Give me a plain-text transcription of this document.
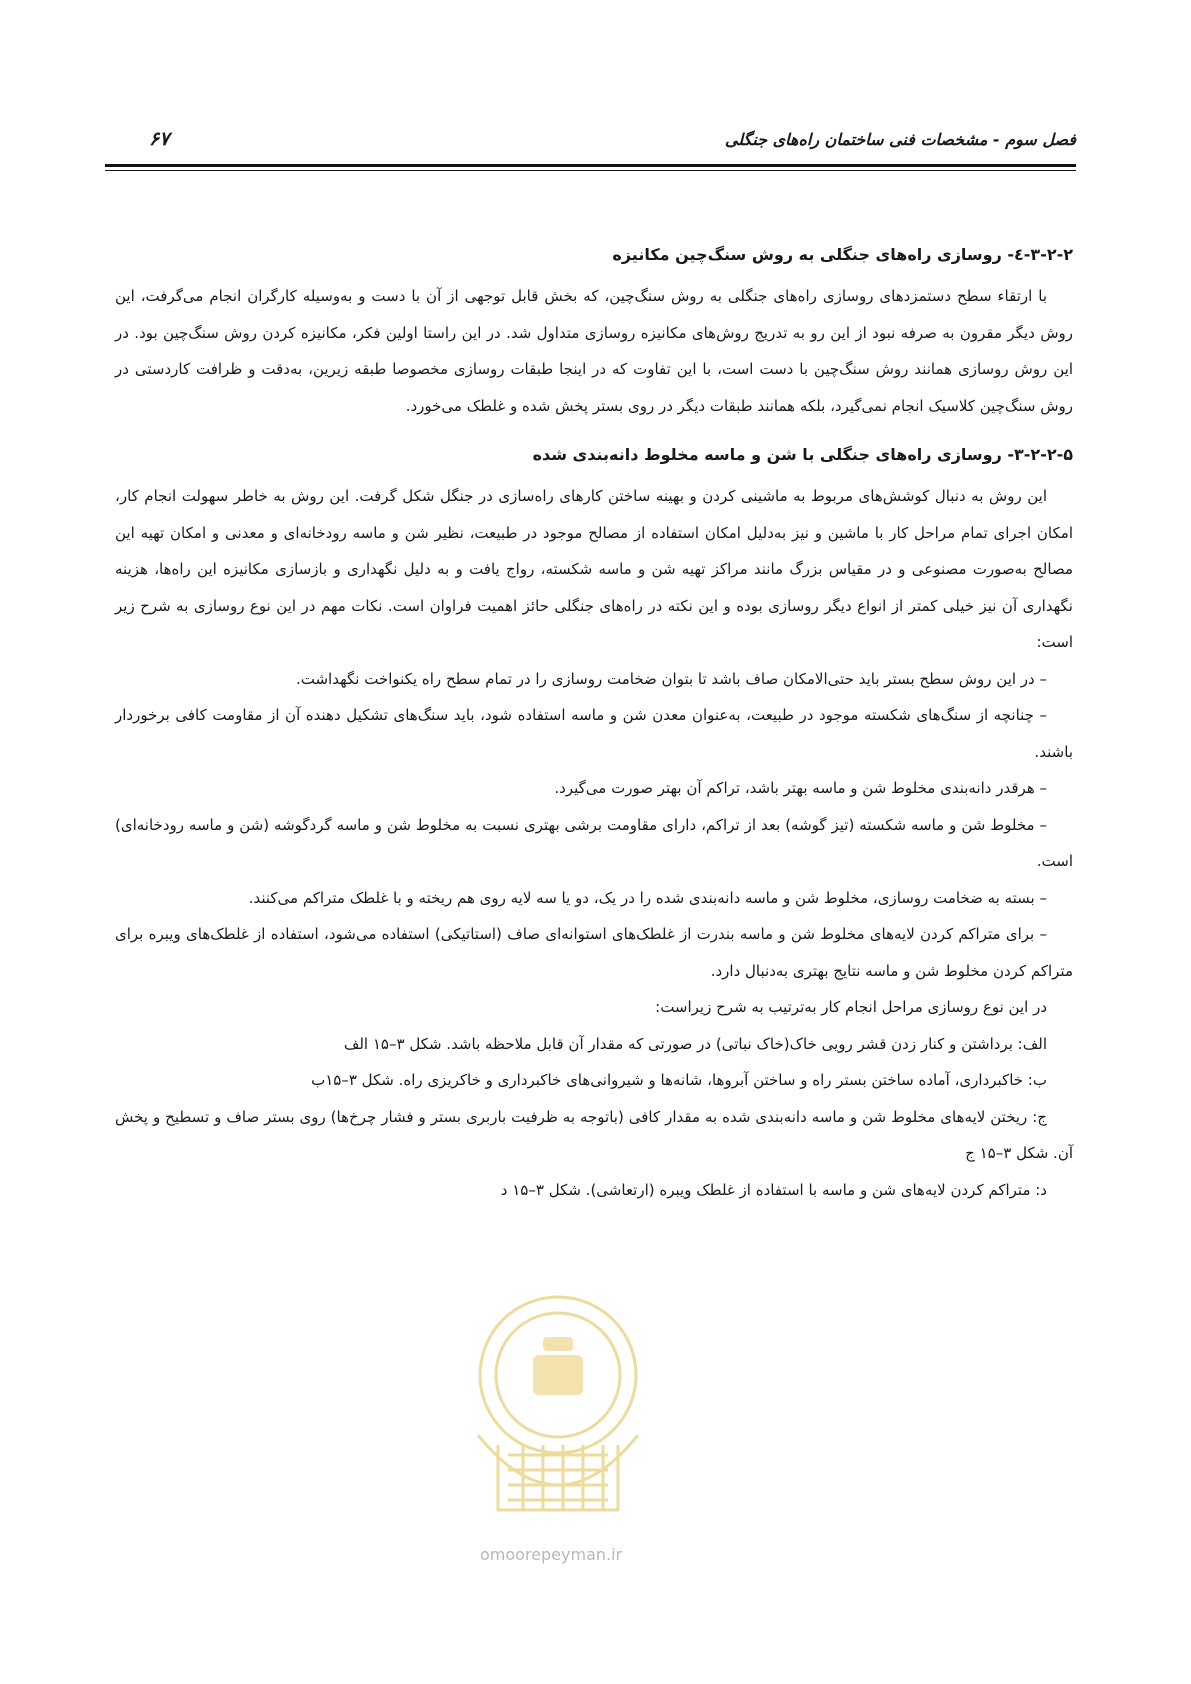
فصل سوم - مشخصات فنی ساختمان راه‌های جنگلی
۶۷
۳-۲-۲-٤- روسازی راه‌های جنگلی به روش سنگ‌چین مکانیزه

با ارتقاء سطح دستمزدهای روسازی راه‌های جنگلی به روش سنگ‌چین، که بخش قابل توجهی از آن با دست و به‌وسیله کارگران انجام می‌گرفت، این روش دیگر مقرون به صرفه نبود از این رو به تدریج روش‌های مکانیزه روسازی متداول شد. در این راستا اولین فکر، مکانیزه کردن روش سنگ‌چین بود. در این روش روسازی همانند روش سنگ‌چین با دست است، با این تفاوت که در اینجا طبقات روسازی مخصوصا طبقه زیرین، به‌دقت و ظرافت کاردستی در روش سنگ‌چین کلاسیک انجام نمی‌گیرد، بلکه همانند طبقات دیگر در روی بستر پخش شده و غلطک می‌خورد.

۳-۲-۲-۵- روسازی راه‌های جنگلی با شن و ماسه مخلوط دانه‌بندی شده

این روش به دنبال کوشش‌های مربوط به ماشینی کردن و بهینه ساختن کارهای راه‌سازی در جنگل شکل گرفت. این روش به خاطر سهولت انجام کار، امکان اجرای تمام مراحل کار با ماشین و نیز به‌دلیل امکان استفاده از مصالح موجود در طبیعت، نظیر شن و ماسه رودخانه‌ای و معدنی و امکان تهیه این مصالح به‌صورت مصنوعی و در مقیاس بزرگ مانند مراکز تهیه شن و ماسه شکسته، رواج یافت و به دلیل نگهداری و بازسازی مکانیزه این راه‌ها، هزینه نگهداری آن نیز خیلی کمتر از انواع دیگر روسازی بوده و این نکته در راه‌های جنگلی حائز اهمیت فراوان است. نکات مهم در این نوع روسازی به شرح زیر است:

– در این روش سطح بستر باید حتی‌الامکان صاف باشد تا بتوان ضخامت روسازی را در تمام سطح راه یکنواخت نگهداشت.

– چنانچه از سنگ‌های شکسته موجود در طبیعت، به‌عنوان معدن شن و ماسه استفاده شود، باید سنگ‌های تشکیل دهنده آن از مقاومت کافی برخوردار باشند.

– هرقدر دانه‌بندی مخلوط شن و ماسه بهتر باشد، تراکم آن بهتر صورت می‌گیرد.

– مخلوط شن و ماسه شکسته (تیز گوشه) بعد از تراکم، دارای مقاومت برشی بهتری نسبت به مخلوط شن و ماسه گردگوشه (شن و ماسه رودخانه‌ای) است.

– بسته به ضخامت روسازی، مخلوط شن و ماسه دانه‌بندی شده را در یک، دو یا سه لایه روی هم ریخته و با غلطک متراکم می‌کنند.

– برای متراکم کردن لایه‌های مخلوط شن و ماسه بندرت از غلطک‌های استوانه‌ای صاف (استاتیکی) استفاده می‌شود، استفاده از غلطک‌های ویبره برای متراکم کردن مخلوط شن و ماسه نتایج بهتری به‌دنبال دارد.

در این نوع روسازی مراحل انجام کار به‌ترتیب به شرح زیراست:

الف: برداشتن و کنار زدن قشر رویی خاک(خاک نباتی) در صورتی که مقدار آن قابل ملاحظه باشد. شکل ۳–۱۵ الف

ب: خاکبرداری، آماده ساختن بستر راه و ساختن آبروها، شانه‌ها و شیروانی‌های خاکبرداری و خاکریزی راه. شکل ۳–۱۵ب

ج: ریختن لایه‌های مخلوط شن و ماسه دانه‌بندی شده به مقدار کافی (باتوجه به ظرفیت باربری بستر و فشار چرخ‌ها) روی بستر صاف و تسطیح و پخش آن. شکل ۳–۱۵ ج

د: متراکم کردن لایه‌های شن و ماسه با استفاده از غلطک ویبره (ارتعاشی). شکل ۳–۱۵ د

omoorepeyman.ir
